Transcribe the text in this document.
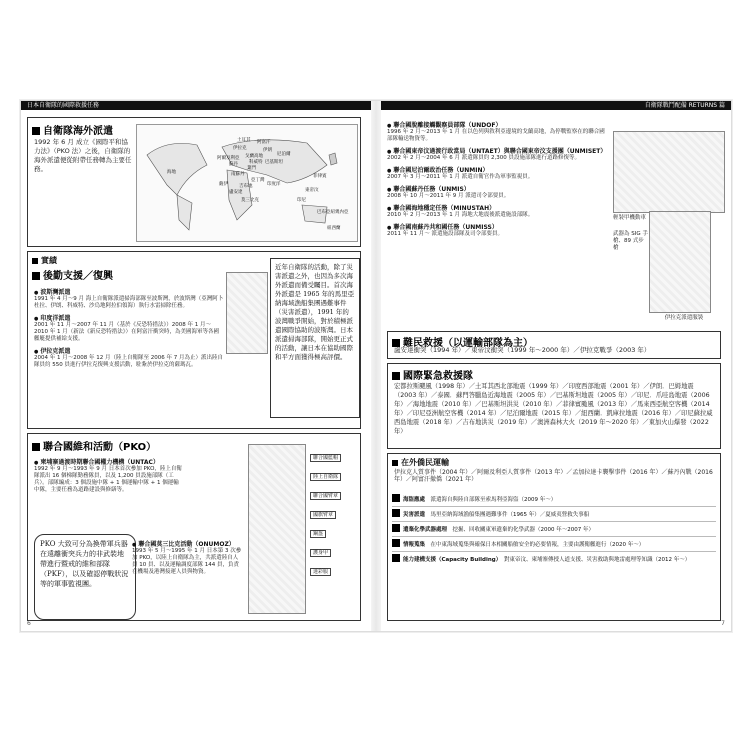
日本自衛隊的國際救援任務
自衛隊海外派遣
1992 年 6 月 成立《國際平和協力法》（PKO 法）之後，自衛隊的海外派遣便從附帶任務轉為主要任務。
伊拉克
阿富汗
蘇丹
南蘇丹
海地
東帝汶
尼泊爾
巴基斯坦
葉門
戈蘭高地
印度洋
亞丁灣
印尼
莫三比克
菲律賓
土耳其
伊朗
科威特
阿爾及利亞
吉布地
巴布亞紐幾內亞
紐西蘭
盧安達
薩伊
實績
後勤支援／復興
● 波斯灣派遣
1991 年 4 月～9 月 海上自衛隊派遣掃海部隊至波斯灣，於波斯灣（亞灣阿卜杜拉、伊朗、科威特、沙烏地阿拉伯領海）執行水雷掃除任務。
● 印度洋派遣
2001 年 11 月～2007 年 11 月（基於《反恐特措法》）2008 年 1 月～2010 年 1 月（新法《新反恐特措法》）在阿富汗衝突時，為美國海軍等各國艦艇提供補給支援。
● 伊拉克派遣
2004 年 1 月～2008 年 12 月（陸上自衛隊至 2006 年 7 月為止）派出陸自隊員約 550 員進行伊拉克復興支援活動，駐紮於伊拉克的薩瑪瓦。
近年自衛隊的活動，除了災害派遣之外，也因為多次海外派遣而備受矚目。首次海外派遣是 1965 年的馬里亞納海域漁船集團遇難事件（災害派遣），1991 年的波灣戰爭開始，對於積極派遣國際協助的波斯灣。日本派遣掃海部隊，開始更正式的活動，讓日本在協助國際和平方面獲得極高評價。
聯合國維和活動（PKO）
● 柬埔寨過渡時期聯合國權力機構（UNTAC）
1992 年 9 月～1993 年 9 月 日本首次參加 PKO，陸上自衛隊派出 16 個梯隊勤務隊員，以及 1,200 員設施部隊（工兵）。部隊編成：3 個設施中隊 + 1 個運輸中隊 + 1 個運輸中隊，主要任務為道路建設與修繕等。
PKO 大致可分為換帶軍兵器在遠離衝突兵力的非武裝地帶進行暨戒的維和部隊（PKF），以及確認停戰狀況等的軍事監視團。
● 聯合國莫三比克活動（ONUMOZ）
1993 年 5 月～1995 年 1 月 日本第 3 次參加 PKO，以陸上自衛隊為主，共派遣陸自人員 10 員、以及運輸調度部隊 144 員，負責在機場及港灣接運人員與物資。
聯合國藍帽
陸上自衛隊
聯合國臂章
國旗臂章
鋼盔
護身甲
迷彩服
6
自衛隊戰鬥配備 RETURNS 篇
● 聯合國脫離接觸觀察員部隊（UNDOF）
1996 年 2 月～2013 年 1 月 在以色列與敘利亞邊境的戈蘭高地，為停戰監察在的聯合國部隊輸送物資等。
● 聯合國東帝汶過渡行政當局（UNTAET）與聯合國東帝汶支援團（UNMISET）
2002 年 2 月～2004 年 6 月 派遣隊員約 2,300 員設施部隊進行道路修復等。
● 聯合國尼泊爾政治任務（UNMIN）
2007 年 3 月～2011 年 1 月 派遣自衛官作為軍事監視員。
● 聯合國蘇丹任務（UNMIS）
2008 年 10 月～2011 年 9 月 派遣司令部要員。
● 聯合國海地穩定任務（MINUSTAH）
2010 年 2 月～2013 年 1 月 海地大地震後派遣施設部隊。
● 聯合國南蘇丹共和國任務（UNMISS）
2011 年 11 月～ 派遣施設部隊及司令部要員。	武器為 SIG 手槍、89 式步槍
輕裝甲機動車
伊拉克派遣服裝
難民救援（以運輸部隊為主）
盧安達衝突（1994 年）／東帝汶衝突（1999 年～2000 年）／伊拉克戰爭（2003 年）
國際緊急救援隊
宏都拉斯颶風（1998 年）／土耳其西北部地震（1999 年）／印度西部地震（2001 年）／伊朗．巴姆地震（2003 年）／泰國．蘇門答臘島近海地震（2005 年）／巴基斯坦地震（2005 年）／印尼．爪哇島地震（2006 年）／海地地震（2010 年）／巴基斯坦洪災（2010 年）／菲律賓颱風（2013 年）／馬來西亞航空客機（2014 年）／印尼亞洲航空客機（2014 年）／尼泊爾地震（2015 年）／紐西蘭．凱庫拉地震（2016 年）／印尼蘇拉威西島地震（2018 年）／吉布地洪災（2019 年）／澳洲森林大火（2019 年～2020 年）／東加火山爆發（2022 年）
在外僑民運輸
伊拉克人質事件（2004 年）／阿爾及利亞人質事件（2013 年）／孟加拉達卡襲擊事件（2016 年）／蘇丹內戰（2016 年）／阿富汗撤僑（2021 年）
海盜應處　 派遣海自與陸自部隊至索馬利亞海盜（2009 年～）
災害派遣　 馬里亞納海域漁船集團遇難事件（1965 年）／夏威夷營救失事船
遺棄化學武器處理　 挖掘、回收關東軍遺棄的化學武器（2000 年～2007 年）
情報蒐集　 在中東海域蒐集與確保日本相關船舶安全的必要情報，主要由護衛艦進行（2020 年～）
能力建構支援（Capacity Building）　 對東帝汶、柬埔寨傳授人道支援、災害救助與地雷處理等知識（2012 年～）
7
